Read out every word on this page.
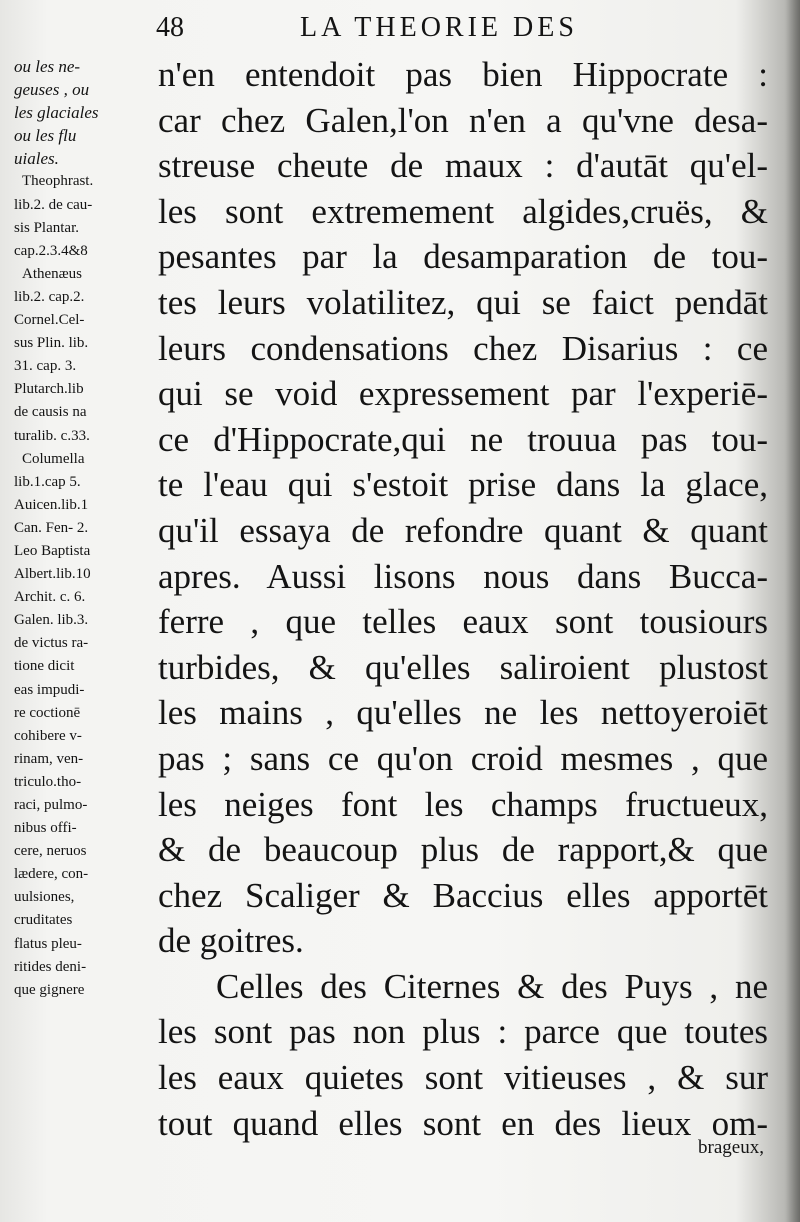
48	LA THEORIE DES
ou les ne-
geuses , ou
les glaciales
ou les flu
uiales.
Theophrast.
lib.2. de cau-
sis Plantar.
cap.2.3.4&8
Athenæus
lib.2. cap.2.
Cornel.Cel-
sus Plin. lib.
31. cap. 3.
Plutarch.lib
de causis na
turalib. c.33.
Columella
lib.1.cap 5.
Auicen.lib.1
Can. Fen- 2.
Leo Baptista
Albert.lib.10
Archit. c. 6.
Galen. lib.3.
de victus ra-
tione dicit
eas impudi-
re coctionē
cohibere v-
rinam, ven-
triculo.tho-
raci, pulmo-
nibus offi-
cere, neruos
lædere, con-
uulsiones,
cruditates
flatus pleu-
ritides deni-
que gignere
n'en entendoit pas bien Hippocrate :
car chez Galen,l'on n'en a qu'vne desa-
streuse cheute de maux : d'autāt qu'el-
les sont extremement algides,cruës, &
pesantes par la desamparation de tou-
tes leurs volatilitez, qui se faict pendāt
leurs condensations chez Disarius : ce
qui se void expressement par l'experiē-
ce d'Hippocrate,qui ne trouua pas tou-
te l'eau qui s'estoit prise dans la glace,
qu'il essaya de refondre quant & quant
apres. Aussi lisons nous dans Bucca-
ferre , que telles eaux sont tousiours
turbides, & qu'elles saliroient plustost
les mains , qu'elles ne les nettoyeroiēt
pas ; sans ce qu'on croid mesmes , que
les neiges font les champs fructueux,
& de beaucoup plus de rapport,& que
chez Scaliger & Baccius elles apportēt
de goitres.
Celles des Citernes & des Puys , ne
les sont pas non plus : parce que toutes
les eaux quietes sont vitieuses , & sur
tout quand elles sont en des lieux om-
brageux,
